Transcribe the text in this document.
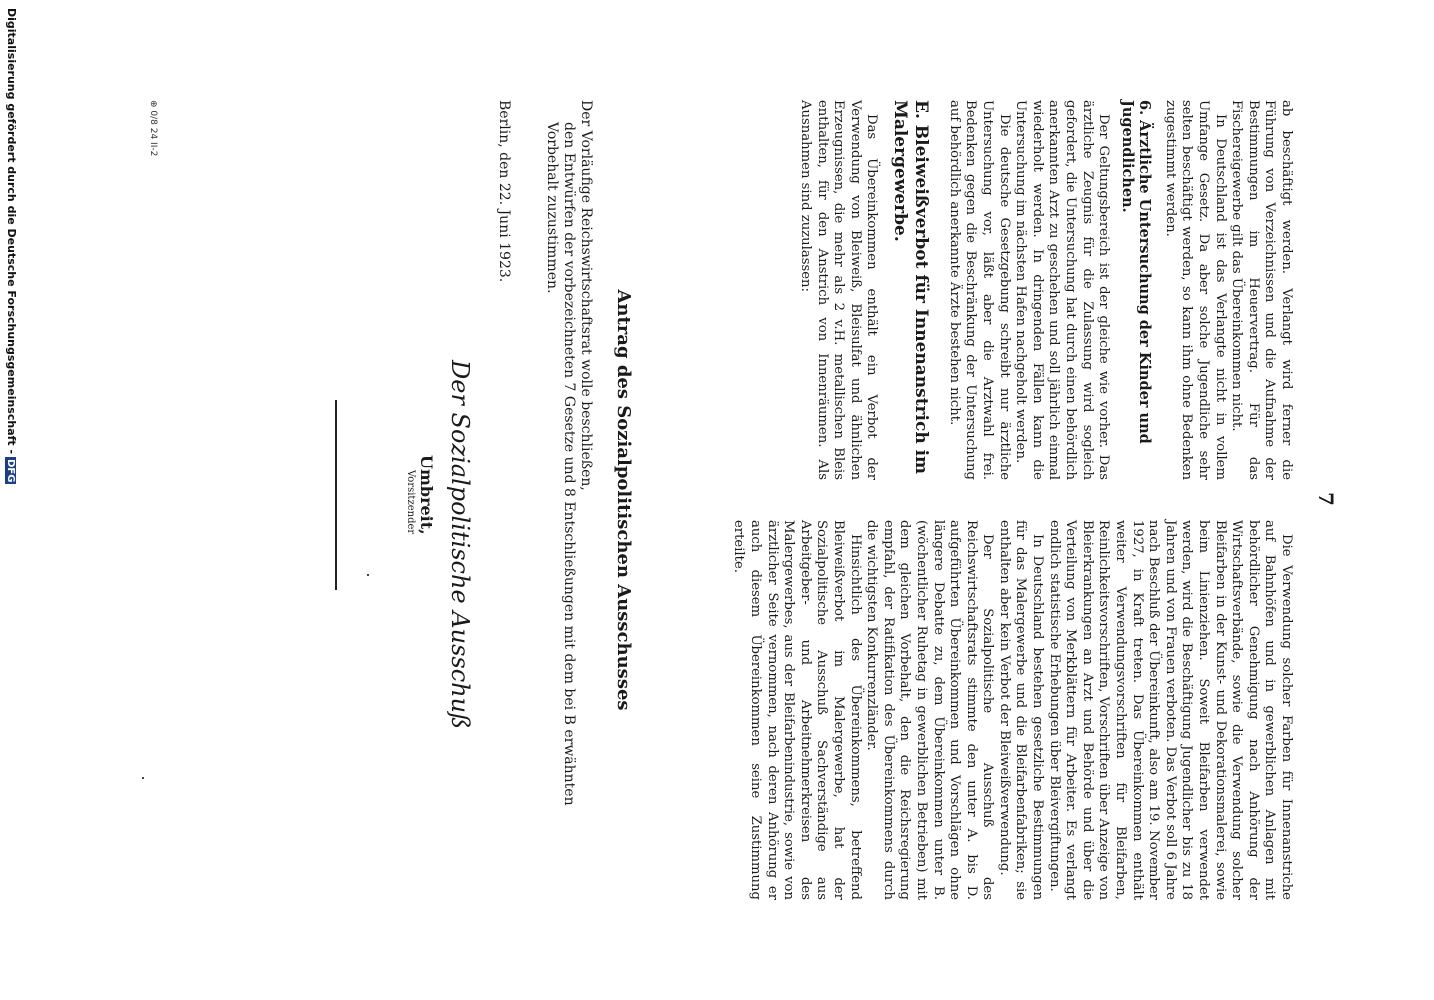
7

ab beschäftigt werden. Verlangt wird ferner die Führung von Verzeichnissen und die Aufnahme der Bestimmungen im Heuervertrag. Für das Fischereigewerbe gilt das Übereinkommen nicht.

In Deutschland ist das Verlangte nicht in vollem Umfange Gesetz. Da aber solche Jugendliche sehr selten beschäftigt werden, so kann ihm ohne Bedenken zugestimmt werden.

6. Ärztliche Untersuchung der Kinder und Jugendlichen.

Der Geltungsbereich ist der gleiche wie vorher. Das ärztliche Zeugnis für die Zulassung wird sogleich gefordert, die Untersuchung hat durch einen behördlich anerkannten Arzt zu geschehen und soll jährlich einmal wiederholt werden. In dringenden Fällen kann die Untersuchung im nächsten Hafen nachgeholt werden.

Die deutsche Gesetzgebung schreibt nur ärztliche Untersuchung vor, läßt aber die Arztwahl frei. Bedenken gegen die Beschränkung der Untersuchung auf behördlich anerkannte Ärzte bestehen nicht.

E. Bleiweißverbot für Innenanstrich im Malergewerbe.

Das Übereinkommen enthält ein Verbot der Verwendung von Bleiweiß, Bleisulfat und ähnlichen Erzeugnissen, die mehr als 2 v.H. metallischen Bleis enthalten, für den Anstrich von Innenräumen. Als Ausnahmen sind zuzulassen:

Die Verwendung solcher Farben für Innenanstriche auf Bahnhöfen und in gewerblichen Anlagen mit behördlicher Genehmigung nach Anhörung der Wirtschaftsverbände, sowie die Verwendung solcher Bleifarben in der Kunst- und Dekorationsmalerei, sowie beim Linienziehen. Soweit Bleifarben verwendet werden, wird die Beschäftigung Jugendlicher bis zu 18 Jahren und von Frauen verboten. Das Verbot soll 6 Jahre nach Beschluß der Übereinkunft, also am 19. November 1927, in Kraft treten. Das Übereinkommen enthält weiter Verwendungsvorschriften für Bleifarben, Reinlichkeitsvorschriften, Vorschriften über Anzeige von Bleierkrankungen an Arzt und Behörde und über die Verteilung von Merkblättern für Arbeiter. Es verlangt endlich statistische Erhebungen über Bleivergiftungen.

In Deutschland bestehen gesetzliche Bestimmungen für das Malergewerbe und die Bleifarbenfabriken; sie enthalten aber kein Verbot der Bleiweißverwendung.

Der Sozialpolitische Ausschuß des Reichswirtschaftsrats stimmte den unter A. bis D. aufgeführten Übereinkommen und Vorschlägen ohne längere Debatte zu, dem Übereinkommen unter B. (wöchentlicher Ruhetag in gewerblichen Betrieben) mit dem gleichen Vorbehalt, den die Reichsregierung empfahl, der Ratifikation des Übereinkommens durch die wichtigsten Konkurrenzländer.

Hinsichtlich des Übereinkommens, betreffend Bleiweißverbot im Malergewerbe, hat der Sozialpolitische Ausschuß Sachverständige aus Arbeitgeber- und Arbeitnehmerkreisen des Malergewerbes, aus der Bleifarbenindustrie, sowie von ärztlicher Seite vernommen, nach deren Anhörung er auch diesem Übereinkommen seine Zustimmung erteilte.

Antrag des Sozialpolitischen Ausschusses

Der Vorläufige Reichswirtschaftsrat wolle beschließen,

den Entwürfen der vorbezeichneten 7 Gesetze und 8 Entschließungen mit dem bei B erwähnten Vorbehalt zuzustimmen.

Berlin, den 22. Juni 1923.

Der Sozialpolitische Ausschuß
Umbreit,
Vorsitzender
⊕ 0/8 24 II-2
Digitalisierung gefördert durch die Deutsche Forschungsgemeinschaft -DFG
